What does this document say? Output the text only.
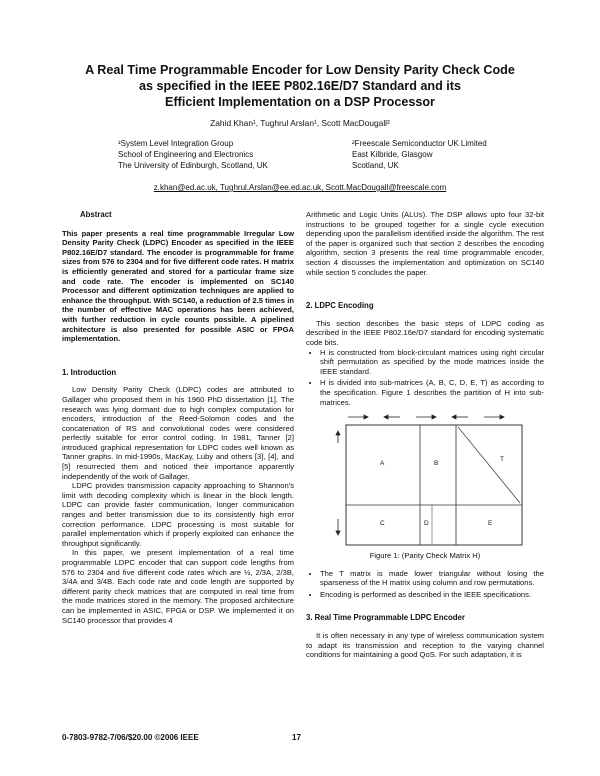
A Real Time Programmable Encoder for Low Density Parity Check Code
as specified in the IEEE P802.16E/D7 Standard and its
Efficient Implementation on a DSP Processor
Zahid Khan¹, Tughrul Arslan¹, Scott MacDougall²
¹System Level Integration Group
School of Engineering and Electronics
The University of Edinburgh, Scotland, UK
²Freescale Semiconductor UK Limited
East Kilbride, Glasgow
Scotland, UK
z.khan@ed.ac.uk, Tughrul.Arslan@ee.ed.ac.uk, Scott.MacDougall@freescale.com
Abstract

This paper presents a real time programmable Irregular Low Density Parity Check (LDPC) Encoder as specified in the IEEE P802.16E/D7 standard. The encoder is programmable for frame sizes from 576 to 2304 and for five different code rates. H matrix is efficiently generated and stored for a particular frame size and code rate. The encoder is implemented on SC140 Processor and different optimization techniques are applied to enhance the throughput. With SC140, a reduction of 2.5 times in the number of effective MAC operations has been achieved, with further reduction in cycle counts possible. A pipelined architecture is also presented for possible ASIC or FPGA implementation.

1. Introduction

Low Density Parity Check (LDPC) codes are attributed to Gallager who proposed them in his 1960 PhD dissertation [1]. The research was lying dormant due to high complex computation for encoders, introduction of the Reed-Solomon codes and the concatenation of RS and convolutional codes were considered perfectly suitable for error control coding. In 1981, Tanner [2] introduced graphical representation for LDPC codes well known as Tanner graphs. In mid-1990s, MacKay, Luby and others [3], [4], and [5] resurrected them and noticed their importance apparently independently of the work of Gallager.

LDPC provides transmission capacity approaching to Shannon's limit with decoding complexity which is linear in the block length. LDPC can provide faster communication, longer communication ranges and better transmission due to its consistently high error correction performance. LDPC processing is most suitable for parallel implementation which if properly exploited can enhance the throughput significantly.

In this paper, we present implementation of a real time programmable LDPC encoder that can support code lengths from 576 to 2304 and five different code rates which are ½, 2/3A, 2/3B, 3/4A and 3/4B. Each code rate and code length are supported by different parity check matrices that are computed in real time from the mode matrices stored in the memory. The proposed architecture can be implemented in ASIC, FPGA or DSP. We implemented it on SC140 processor that provides 4

Arithmetic and Logic Units (ALUs). The DSP allows upto four 32-bit instructions to be grouped together for a single cycle execution depending upon the parallelism identified inside the algorithm. The rest of the paper is organized such that section 2 describes the encoding algorithm, section 3 presents the real time programmable encoder, section 4 discusses the implementation and optimization on SC140 while section 5 concludes the paper.

2. LDPC Encoding

This section describes the basic steps of LDPC coding as described in the IEEE P802.16e/D7 standard for encoding systematic code bits.

• H is constructed from block-circulant matrices using right circular shift permutation as specified by the mode matrices inside the IEEE standard.
• H is divided into sub-matrices (A, B, C, D, E, T) as according to the specification. Figure 1 describes the partition of H into sub-matrices.
A	B
T
C	D	E
Figure 1: (Parity Check Matrix H)
• The T matrix is made lower triangular without losing the sparseness of the H matrix using column and row permutations.
• Encoding is performed as described in the IEEE specifications.
3. Real Time Programmable LDPC Encoder

It is often necessary in any type of wireless communication system to adapt its transmission and reception to the varying channel conditions for maintaining a good QoS. For such adaptation, it is

0-7803-9782-7/06/$20.00 ©2006 IEEE	17
